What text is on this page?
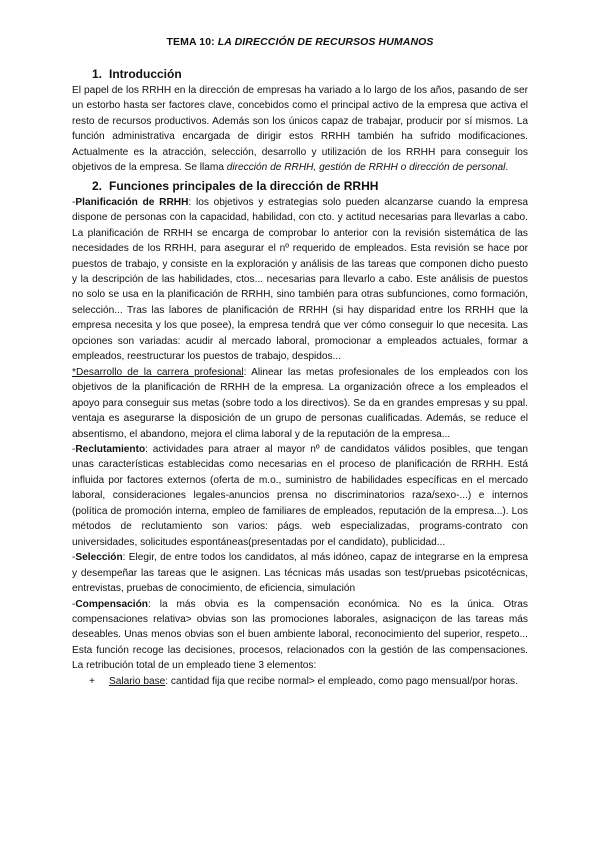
TEMA 10: LA DIRECCIÓN DE RECURSOS HUMANOS
1. Introducción

El papel de los RRHH en la dirección de empresas ha variado a lo largo de los años, pasando de ser un estorbo hasta ser factores clave, concebidos como el principal activo de la empresa que activa el resto de recursos productivos. Además son los únicos capaz de trabajar, producir por sí mismos. La función administrativa encargada de dirigir estos RRHH también ha sufrido modificaciones. Actualmente es la atracción, selección, desarrollo y utilización de los RRHH para conseguir los objetivos de la empresa. Se llama dirección de RRHH, gestión de RRHH o dirección de personal.

2. Funciones principales de la dirección de RRHH

-Planificación de RRHH: los objetivos y estrategias solo pueden alcanzarse cuando la empresa dispone de personas con la capacidad, habilidad, con cto. y actitud necesarias para llevarlas a cabo. La planificación de RRHH se encarga de comprobar lo anterior con la revisión sistemática de las necesidades de los RRHH, para asegurar el nº requerido de empleados. Esta revisión se hace por puestos de trabajo, y consiste en la exploración y análisis de las tareas que componen dicho puesto y la descripción de las habilidades, ctos... necesarias para llevarlo a cabo. Este análisis de puestos no solo se usa en la planificación de RRHH, sino también para otras subfunciones, como formación, selección... Tras las labores de planificación de RRHH (si hay disparidad entre los RRHH que la empresa necesita y los que posee), la empresa tendrá que ver cómo conseguir lo que necesita. Las opciones son variadas: acudir al mercado laboral, promocionar a empleados actuales, formar a empleados, reestructurar los puestos de trabajo, despidos...

*Desarrollo de la carrera profesional: Alinear las metas profesionales de los empleados con los objetivos de la planificación de RRHH de la empresa. La organización ofrece a los empleados el apoyo para conseguir sus metas (sobre todo a los directivos). Se da en grandes empresas y su ppal. ventaja es asegurarse la disposición de un grupo de personas cualificadas. Además, se reduce el absentismo, el abandono, mejora el clima laboral y de la reputación de la empresa...

-Reclutamiento: actividades para atraer al mayor nº de candidatos válidos posibles, que tengan unas características establecidas como necesarias en el proceso de planificación de RRHH. Está influida por factores externos (oferta de m.o., suministro de habilidades específicas en el mercado laboral, consideraciones legales-anuncios prensa no discriminatorios raza/sexo-...) e internos (política de promoción interna, empleo de familiares de empleados, reputación de la empresa...). Los métodos de reclutamiento son varios: págs. web especializadas, programs-contrato con universidades, solicitudes espontáneas(presentadas por el candidato), publicidad...

-Selección: Elegir, de entre todos los candidatos, al más idóneo, capaz de integrarse en la empresa y desempeñar las tareas que le asignen. Las técnicas más usadas son test/pruebas psicotécnicas, entrevistas, pruebas de conocimiento, de eficiencia, simulación

-Compensación: la más obvia es la compensación económica. No es la única. Otras compensaciones relativa> obvias son las promociones laborales, asignaciçon de las tareas más deseables. Unas menos obvias son el buen ambiente laboral, reconocimiento del superior, respeto... Esta función recoge las decisiones, procesos, relacionados con la gestión de las compensaciones. La retribución total de un empleado tiene 3 elementos:

+ Salario base: cantidad fija que recibe normal> el empleado, como pago mensual/por horas.
